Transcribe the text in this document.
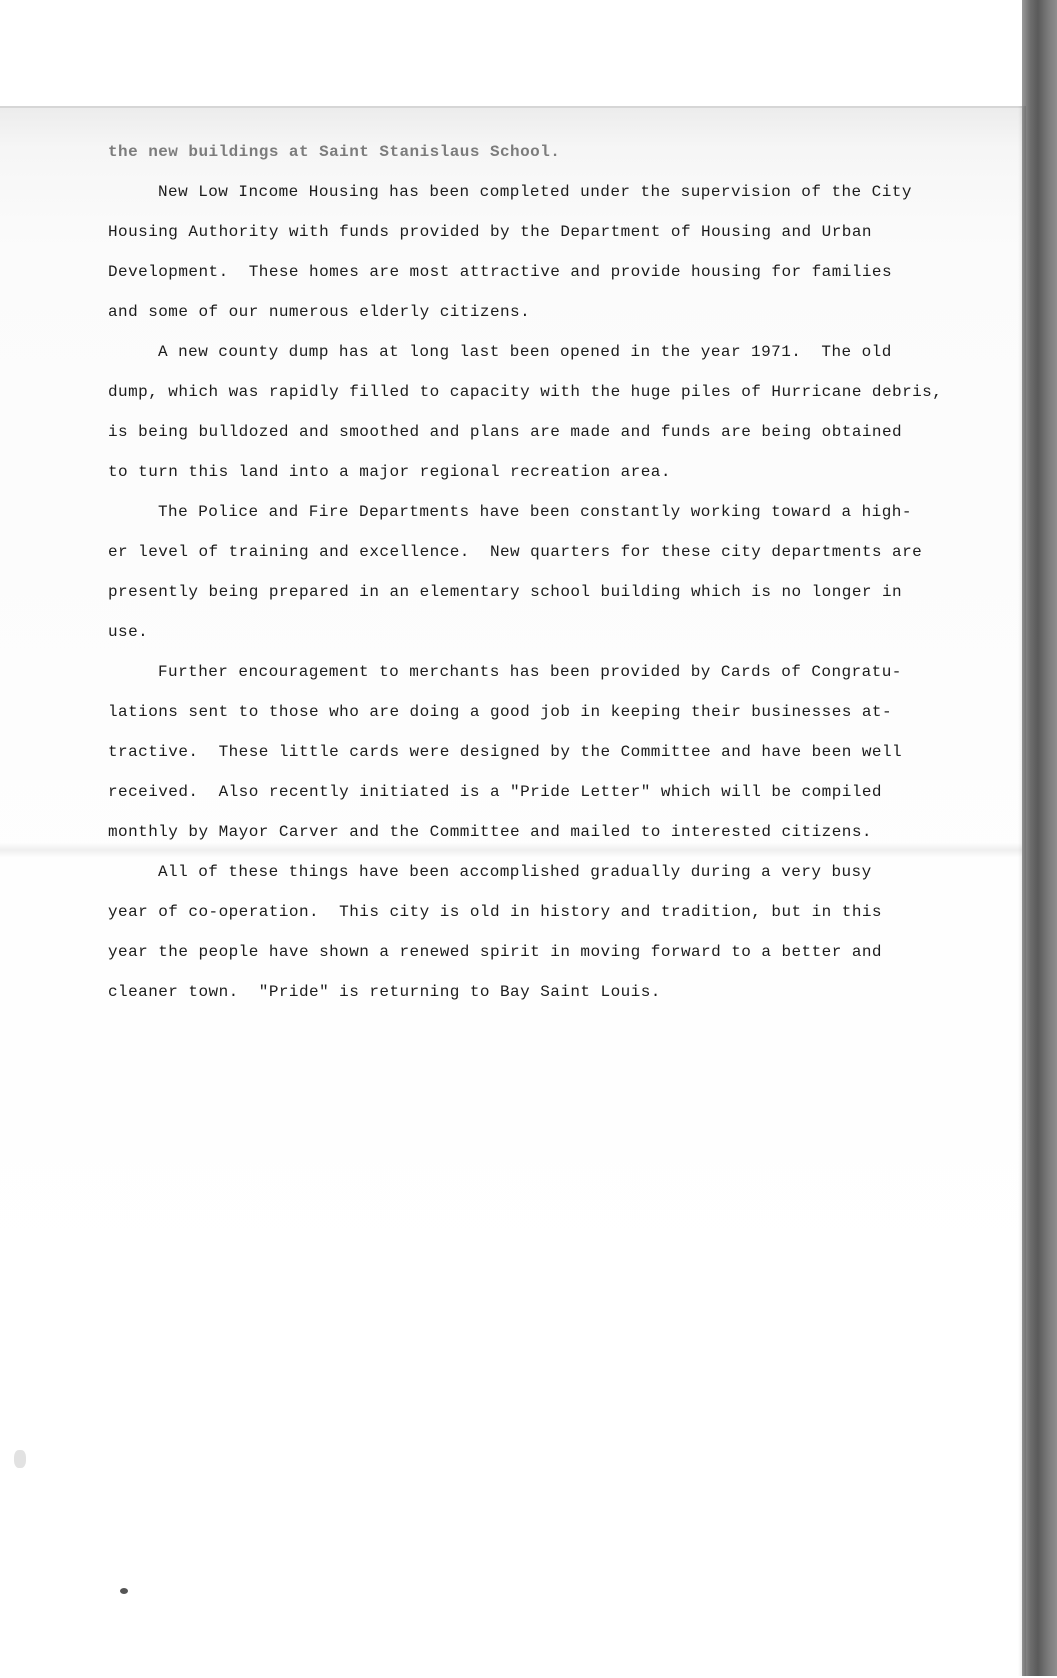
the new buildings at Saint Stanislaus School.
New Low Income Housing has been completed under the supervision of the City
Housing Authority with funds provided by the Department of Housing and Urban
Development.  These homes are most attractive and provide housing for families
and some of our numerous elderly citizens.
A new county dump has at long last been opened in the year 1971.  The old
dump, which was rapidly filled to capacity with the huge piles of Hurricane debris,
is being bulldozed and smoothed and plans are made and funds are being obtained
to turn this land into a major regional recreation area.
The Police and Fire Departments have been constantly working toward a high-
er level of training and excellence.  New quarters for these city departments are
presently being prepared in an elementary school building which is no longer in
use.
Further encouragement to merchants has been provided by Cards of Congratu-
lations sent to those who are doing a good job in keeping their businesses at-
tractive.  These little cards were designed by the Committee and have been well
received.  Also recently initiated is a "Pride Letter" which will be compiled
monthly by Mayor Carver and the Committee and mailed to interested citizens.
All of these things have been accomplished gradually during a very busy
year of co-operation.  This city is old in history and tradition, but in this
year the people have shown a renewed spirit in moving forward to a better and
cleaner town.  "Pride" is returning to Bay Saint Louis.
